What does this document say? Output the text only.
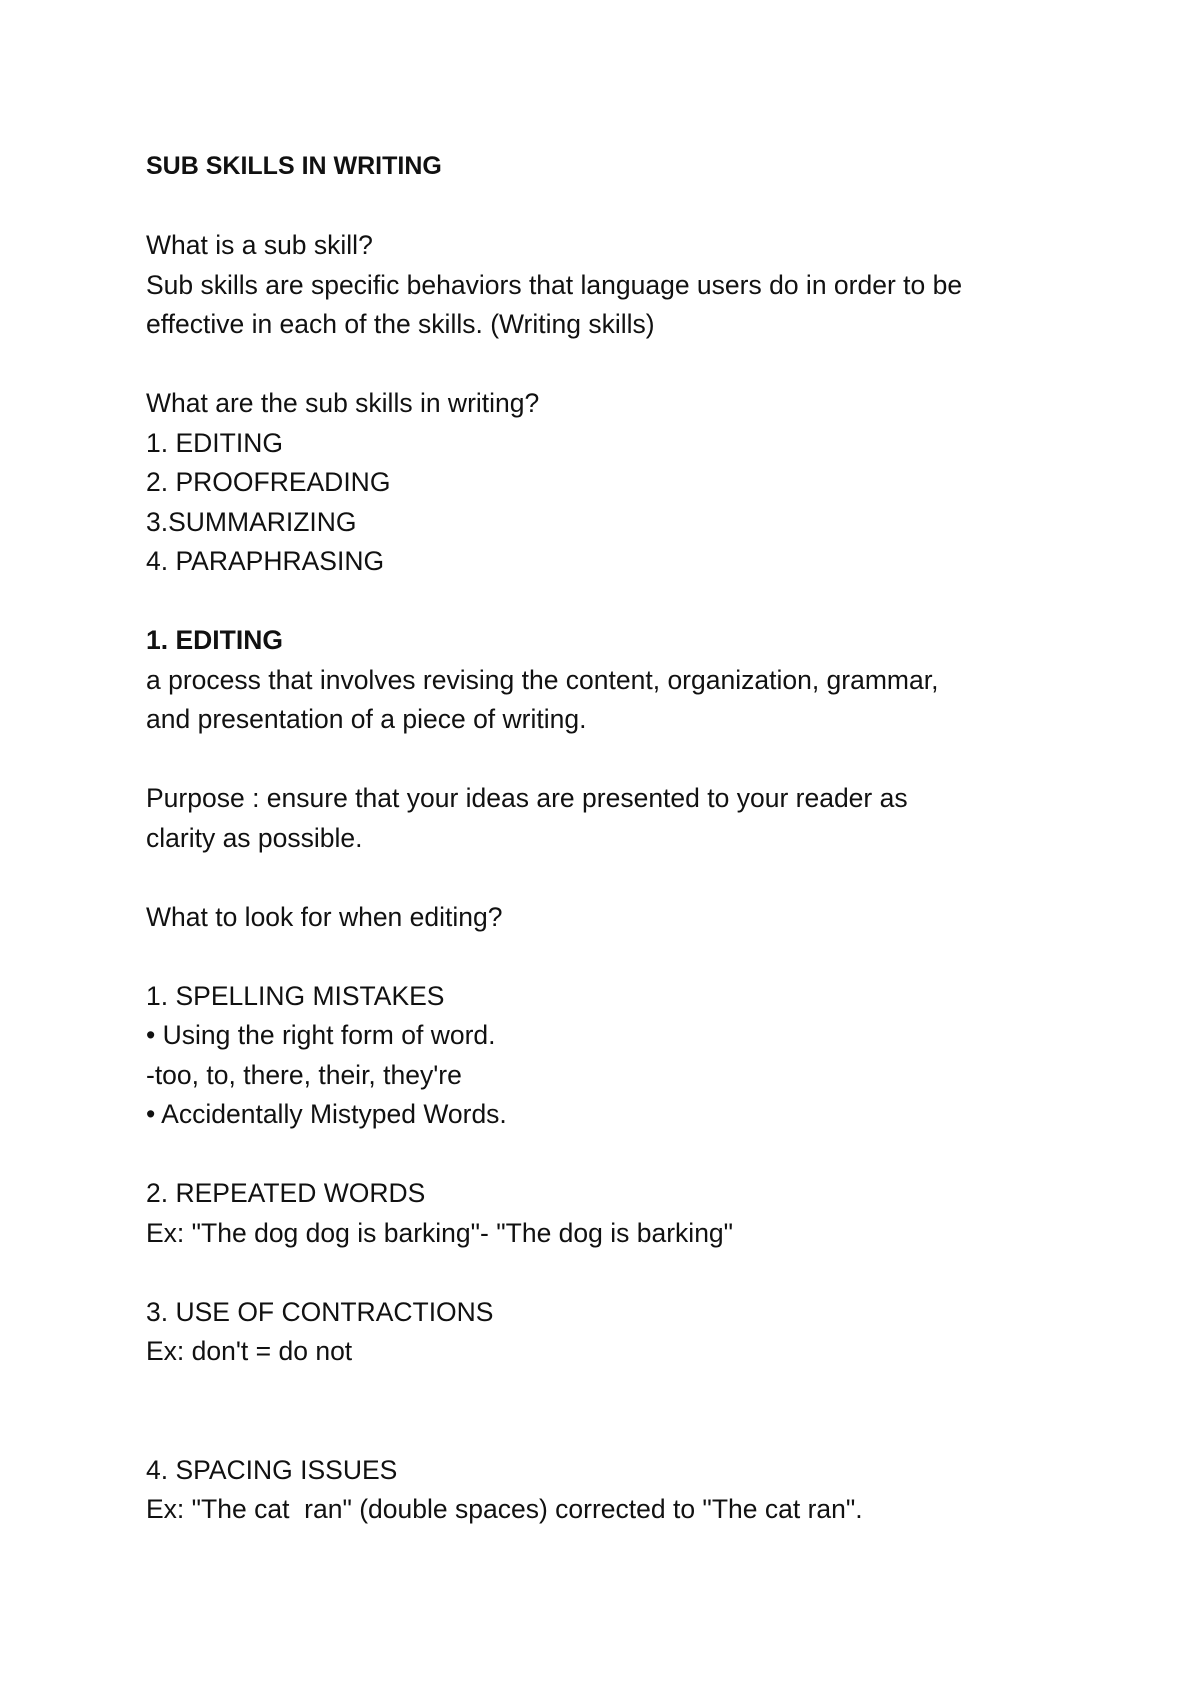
SUB SKILLS IN WRITING
What is a sub skill?
Sub skills are specific behaviors that language users do in order to be
effective in each of the skills. (Writing skills)
What are the sub skills in writing?
1. EDITING
2. PROOFREADING
3.SUMMARIZING
4. PARAPHRASING
1. EDITING
a process that involves revising the content, organization, grammar,
and presentation of a piece of writing.
Purpose : ensure that your ideas are presented to your reader as
clarity as possible.
What to look for when editing?
1. SPELLING MISTAKES
• Using the right form of word.
-too, to, there, their, they're
• Accidentally Mistyped Words.
2. REPEATED WORDS
Ex: "The dog dog is barking"- "The dog is barking"
3. USE OF CONTRACTIONS
Ex: don't = do not
4. SPACING ISSUES
Ex: "The cat  ran" (double spaces) corrected to "The cat ran".
